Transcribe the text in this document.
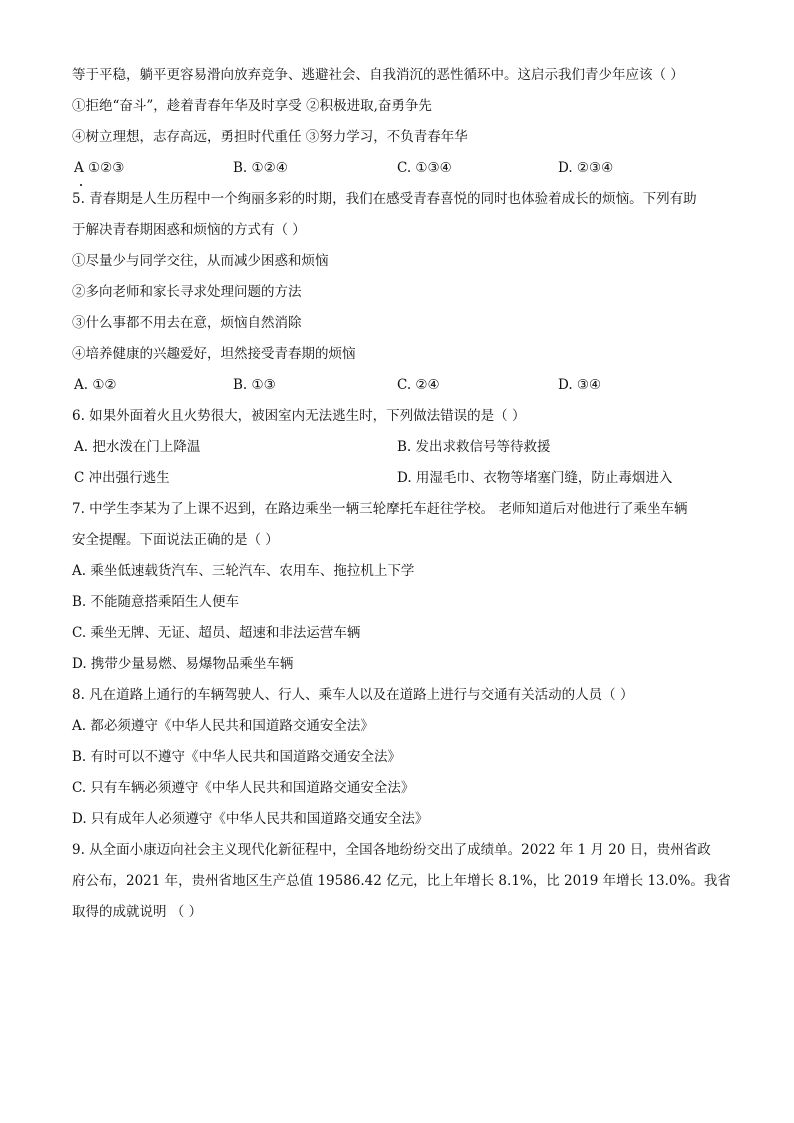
等于平稳，躺平更容易滑向放弃竞争、逃避社会、自我消沉的恶性循环中。这启示我们青少年应该（ ）
①拒绝“奋斗”，趁着青春年华及时享受 ②积极进取,奋勇争先
④树立理想，志存高远，勇担时代重任 ③努力学习，不负青春年华
A ①②③	B. ①②④	C. ①③④	D. ②③④
5. 青春期是人生历程中一个绚丽多彩的时期，我们在感受青春喜悦的同时也体验着成长的烦恼。下列有助
于解决青春期困惑和烦恼的方式有（ ）
①尽量少与同学交往，从而减少困惑和烦恼
②多向老师和家长寻求处理问题的方法
③什么事都不用去在意，烦恼自然消除
④培养健康的兴趣爱好，坦然接受青春期的烦恼
A. ①②	B. ①③	C. ②④	D. ③④
6. 如果外面着火且火势很大，被困室内无法逃生时，下列做法错误的是（ ）
A. 把水泼在门上降温	B. 发出求救信号等待救援
C 冲出强行逃生	D. 用湿毛巾、衣物等堵塞门缝，防止毒烟进入
7. 中学生李某为了上课不迟到，在路边乘坐一辆三轮摩托车赶往学校。 老师知道后对他进行了乘坐车辆
安全提醒。下面说法正确的是（ ）
A. 乘坐低速载货汽车、三轮汽车、农用车、拖拉机上下学
B. 不能随意搭乘陌生人便车
C. 乘坐无牌、无证、超员、超速和非法运营车辆
D. 携带少量易燃、易爆物品乘坐车辆
8. 凡在道路上通行的车辆驾驶人、行人、乘车人以及在道路上进行与交通有关活动的人员（ ）
A. 都必须遵守《中华人民共和国道路交通安全法》
B. 有时可以不遵守《中华人民共和国道路交通安全法》
C. 只有车辆必须遵守《中华人民共和国道路交通安全法》
D. 只有成年人必须遵守《中华人民共和国道路交通安全法》
9. 从全面小康迈向社会主义现代化新征程中，全国各地纷纷交出了成绩单。2022 年 1 月 20 日，贵州省政
府公布，2021 年，贵州省地区生产总值 19586.42 亿元，比上年增长 8.1%，比 2019 年增长 13.0%。我省
取得的成就说明 （ ）
